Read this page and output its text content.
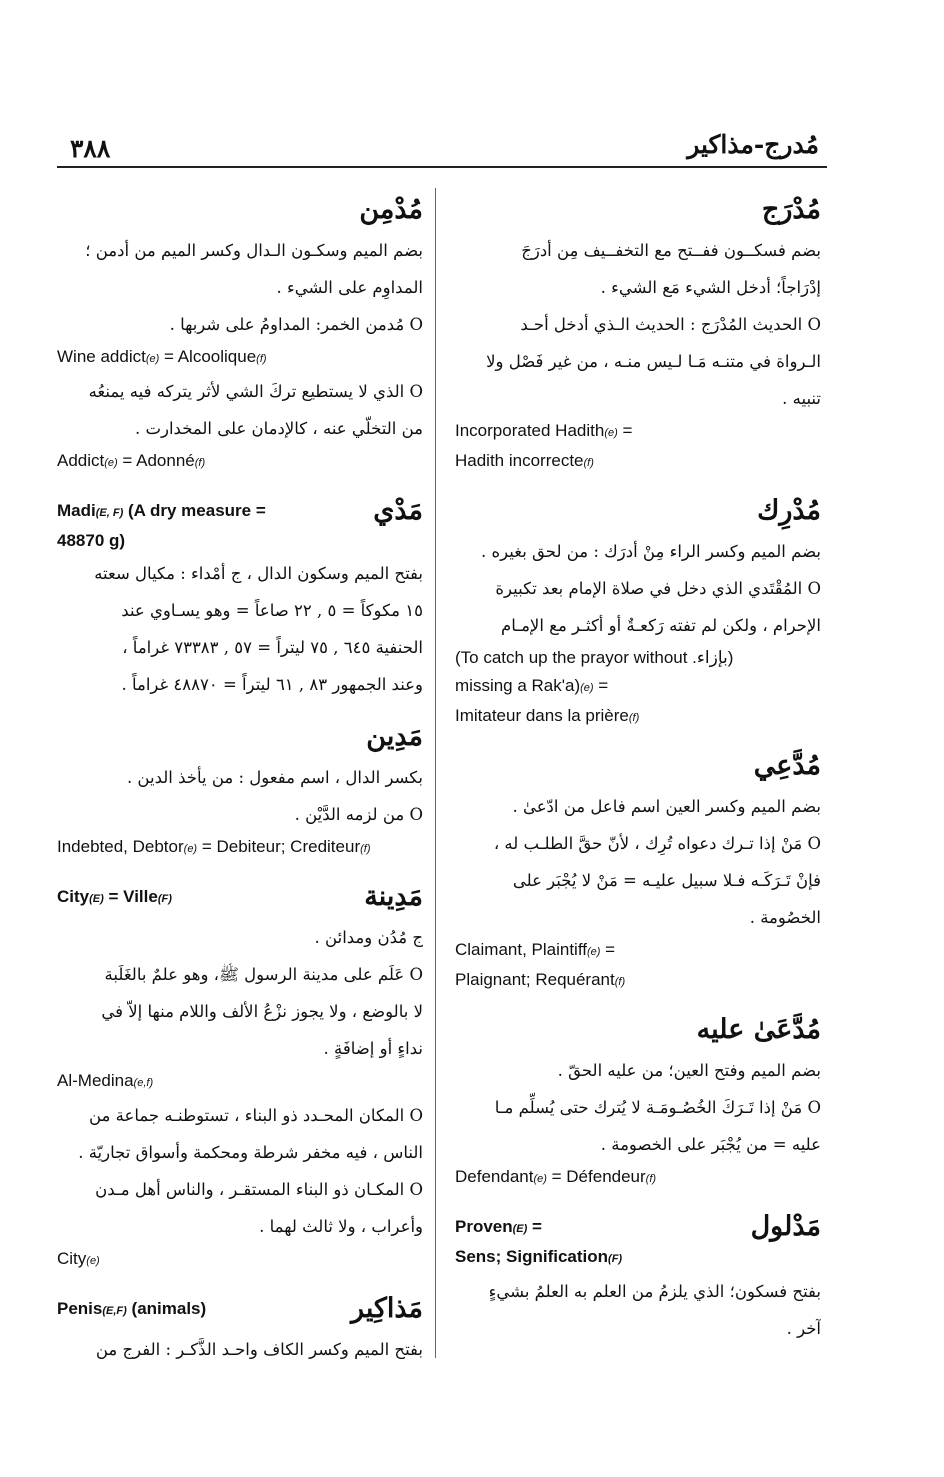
٣٨٨	مُدرج-مذاكير
مُدْرَج
بضم فسكــون ففــتح مع التخفــيف مِن أدرَجَ
إدْرَاجاً؛ أدخل الشيء مَع الشيء .
O الحديث المُدْرَج : الحديث الـذي أدخل أحـد
الـرواة في متنـه مَـا لـيس منـه ، من غير فَصْل ولا
تنبيه .
Incorporated Hadith(e) =
Hadith incorrecte(f)
مُدْرِك
بضم الميم وكسر الراء مِنْ أدرَك : من لحق بغيره .
O المُقْتَدي الذي دخل في صلاة الإمام بعد تكبيرة
الإحرام ، ولكن لم تفته رَكعـةٌ أو أكثـر مع الإمـام
(To catch up the prayor without .بإزاء)
missing a Rak'a)(e) =
Imitateur dans la prière(f)
مُدَّعِي
بضم الميم وكسر العين اسم فاعل من ادّعىٰ .
O مَنْ إذا تـرك دعواه تُرِك ، لأنّ حقَّ الطلـب له ،
فإنْ تَـرَكَـه فـلا سبيل عليـه = مَنْ لا يُجْبَر على
الخصُومة .
Claimant, Plaintiff(e) =
Plaignant; Requérant(f)
مُدَّعَىٰ عليه
بضم الميم وفتح العين؛ من عليه الحقّ .
O مَنْ إذا تَـرَكَ الخُصُـومَـة لا يُترك حتى يُسلِّم مـا
عليه = من يُجْبَر على الخصومة .
Defendant(e) = Défendeur(f)
Proven(E) =
Sens; Signification(F)
مَدْلول
بفتح فسكون؛ الذي يلزمُ من العلم به العلمُ بشيءٍ
آخر .
مُدْمِن
بضم الميم وسكـون الـدال وكسر الميم من أدمن ؛
المداوِم على الشيء .
O مُدمن الخمر: المداومُ على شربها .
Wine addict(e) = Alcoolique(f)
O الذي لا يستطيع تركَ الشي لأثر يتركه فيه يمنعُه
من التخلّي عنه ، كالإدمان على المخدارت .
Addict(e) = Adonné(f)
Madi(E, F) (A dry measure =
48870 g)
مَدْي
بفتح الميم وسكون الدال ، ج أمْداء : مكيال سعته
١٥ مكوكاً = ٥ , ٢٢ صاعاً = وهو يسـاوي عند
الحنفية ٦٤٥ , ٧٥ ليتراً = ٥٧ , ٧٣٣٨٣ غراماً ،
وعند الجمهور ٨٣ , ٦١ ليتراً = ٤٨٨٧٠ غراماً .
مَدِين
بكسر الدال ، اسم مفعول : من يأخذ الدين .
O من لزمه الدَّيْن .
Indebted, Debtor(e) = Debiteur; Crediteur(f)
City(E) = Ville(F)	مَدِينة
ج مُدُن ومدائن .
O عَلَم على مدينة الرسول ﷺ، وهو علمٌ بالغَلَبة
لا بالوضع ، ولا يجوز نزْعُ الألف واللام منها إلاّ في
نداءٍ أو إضافَةٍ .
Al-Medina(e,f)
O المكان المحـدد ذو البناء ، تستوطنـه جماعة من
الناس ، فيه مخفر شرطة ومحكمة وأسواق تجاريّة .
O المكـان ذو البناء المستقـر ، والناس أهل مـدن
وأعراب ، ولا ثالث لهما .
City(e)
Penis(E,F) (animals)	مَذاكِير
بفتح الميم وكسر الكاف واحـد الذَّكـر : الفرج من
